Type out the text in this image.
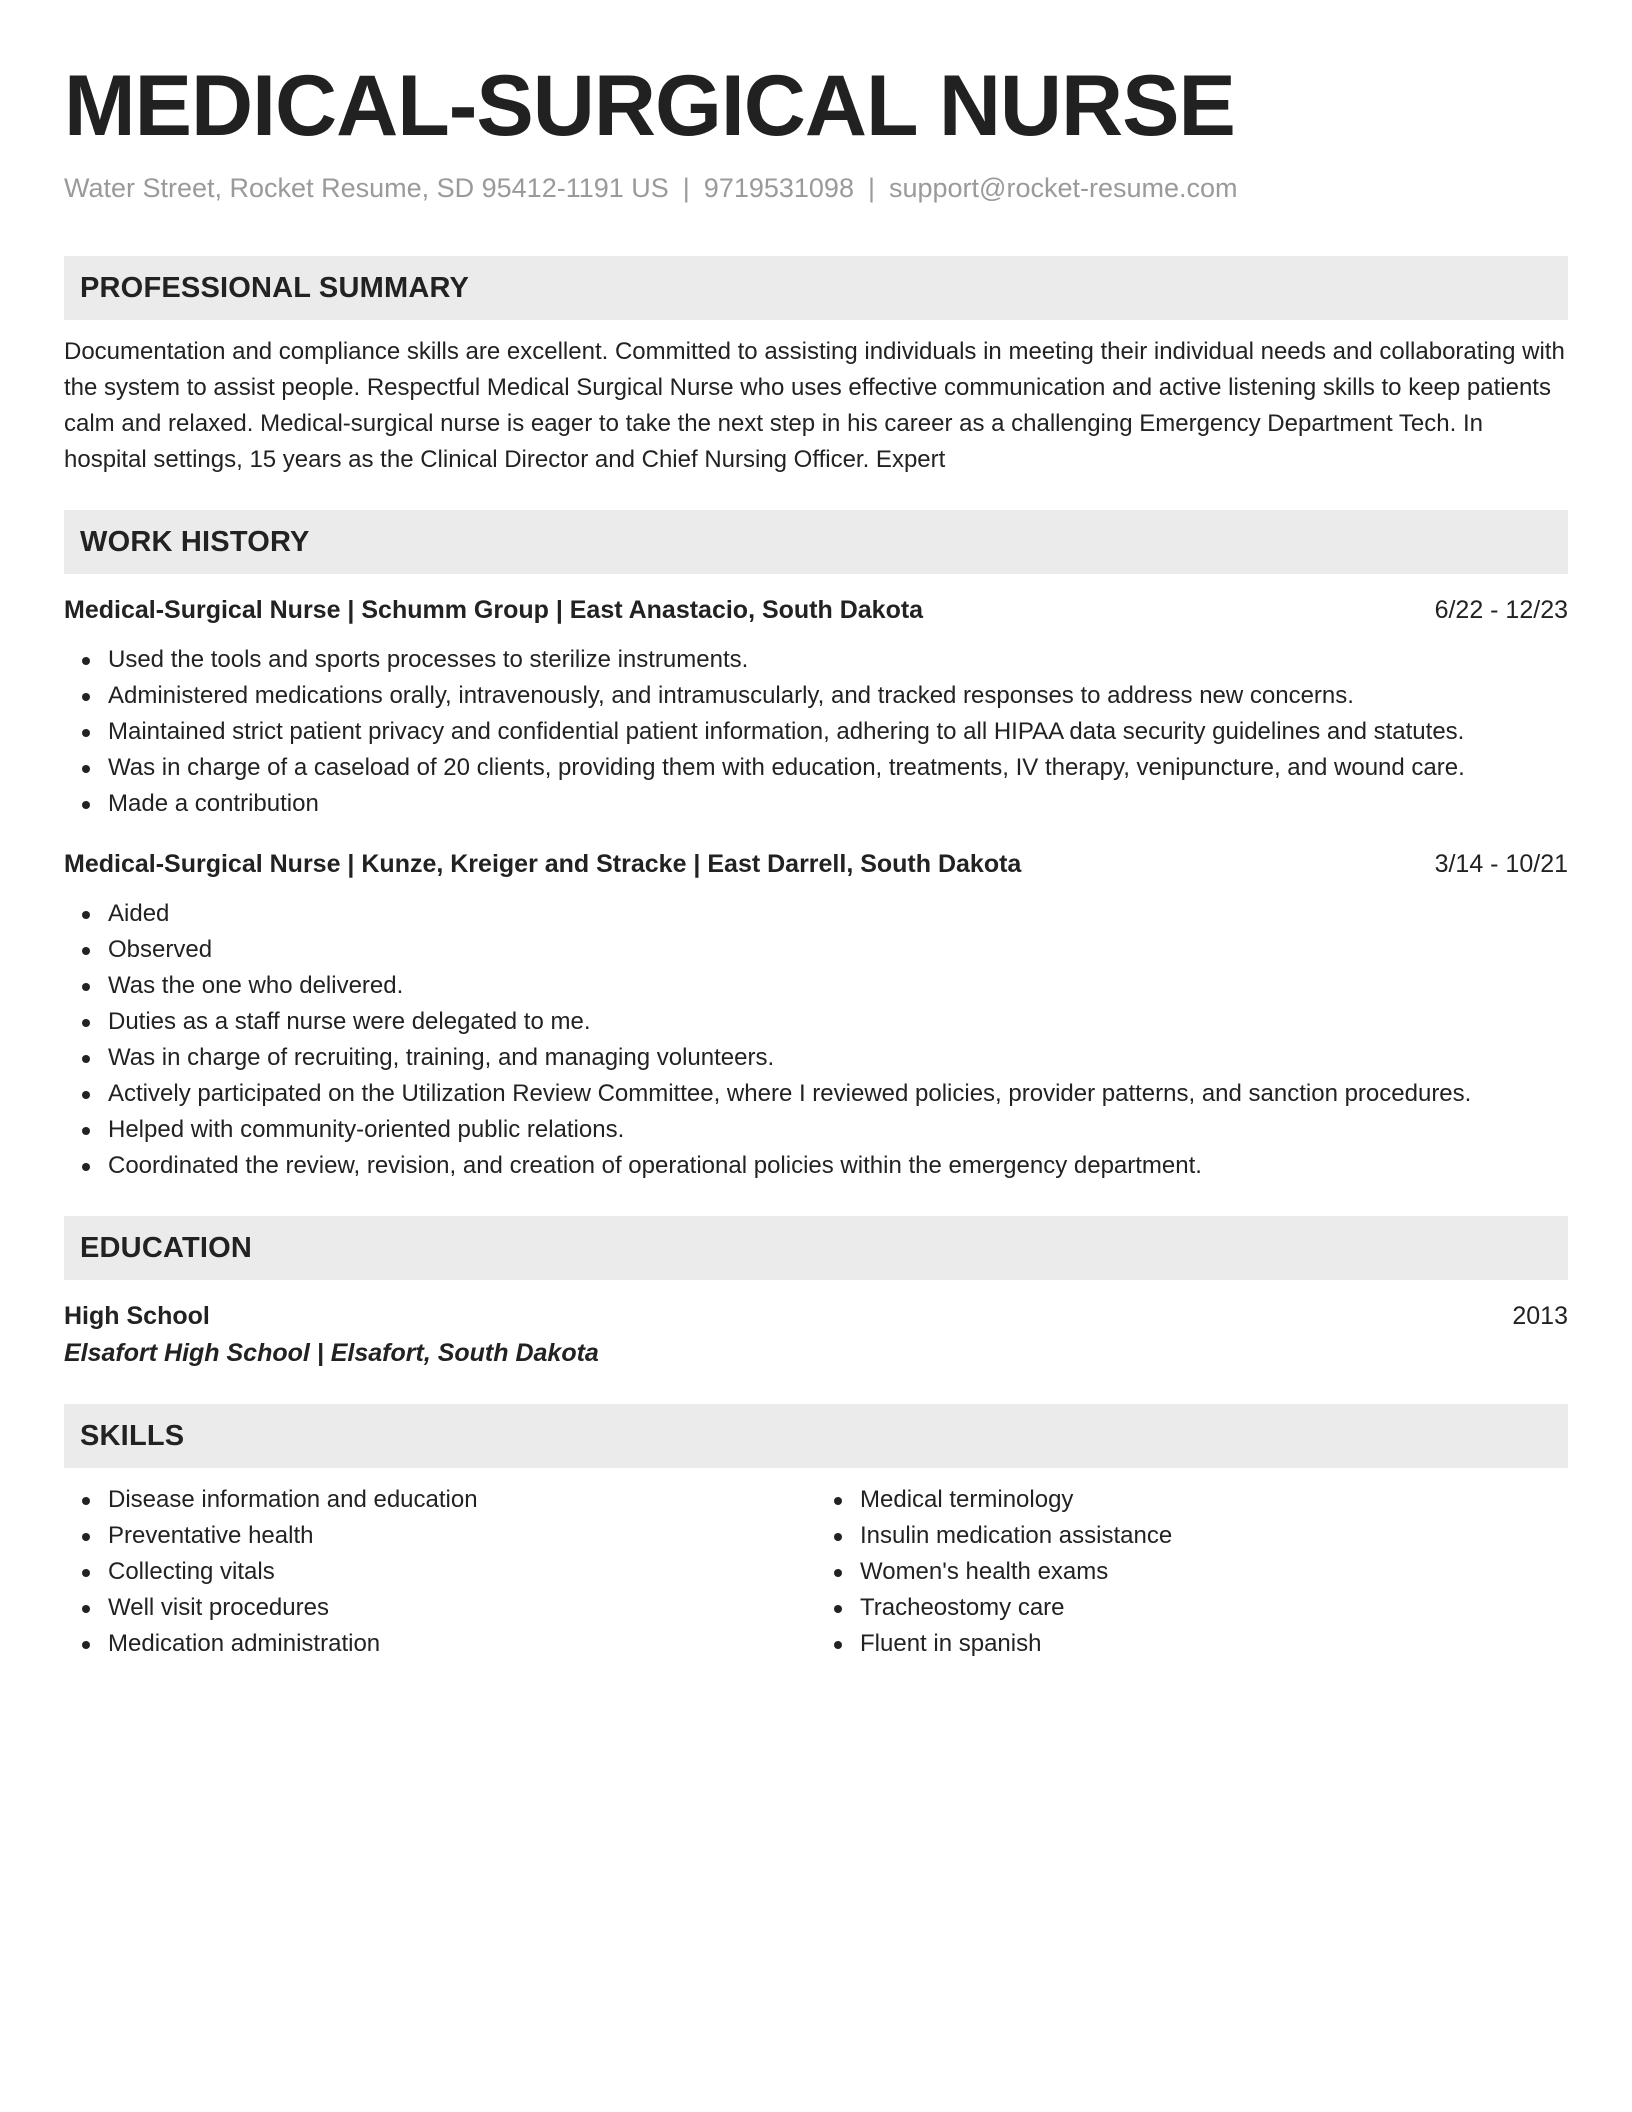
MEDICAL-SURGICAL NURSE
Water Street, Rocket Resume, SD 95412-1191 US | 9719531098 | support@rocket-resume.com
PROFESSIONAL SUMMARY
Documentation and compliance skills are excellent. Committed to assisting individuals in meeting their individual needs and collaborating with the system to assist people. Respectful Medical Surgical Nurse who uses effective communication and active listening skills to keep patients calm and relaxed. Medical-surgical nurse is eager to take the next step in his career as a challenging Emergency Department Tech. In hospital settings, 15 years as the Clinical Director and Chief Nursing Officer. Expert
WORK HISTORY
Medical-Surgical Nurse | Schumm Group | East Anastacio, South Dakota	6/22 - 12/23
Used the tools and sports processes to sterilize instruments.
Administered medications orally, intravenously, and intramuscularly, and tracked responses to address new concerns.
Maintained strict patient privacy and confidential patient information, adhering to all HIPAA data security guidelines and statutes.
Was in charge of a caseload of 20 clients, providing them with education, treatments, IV therapy, venipuncture, and wound care.
Made a contribution
Medical-Surgical Nurse | Kunze, Kreiger and Stracke | East Darrell, South Dakota	3/14 - 10/21
Aided
Observed
Was the one who delivered.
Duties as a staff nurse were delegated to me.
Was in charge of recruiting, training, and managing volunteers.
Actively participated on the Utilization Review Committee, where I reviewed policies, provider patterns, and sanction procedures.
Helped with community-oriented public relations.
Coordinated the review, revision, and creation of operational policies within the emergency department.
EDUCATION
High School	2013
Elsafort High School | Elsafort, South Dakota
SKILLS
Disease information and education
Preventative health
Collecting vitals
Well visit procedures
Medication administration
Medical terminology
Insulin medication assistance
Women's health exams
Tracheostomy care
Fluent in spanish
